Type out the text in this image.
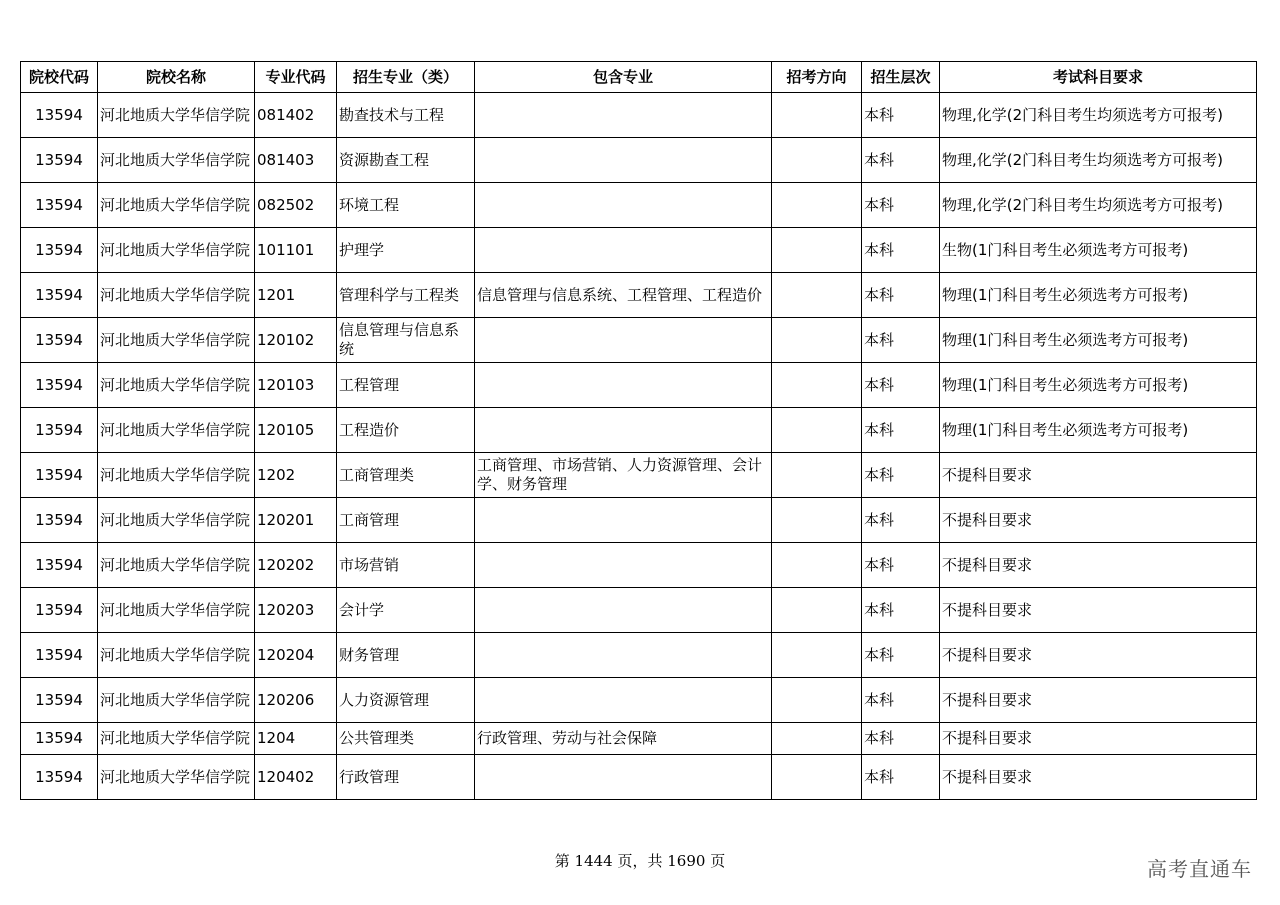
院校代码	院校名称	专业代码	招生专业（类）	包含专业	招考方向	招生层次	考试科目要求
13594	河北地质大学华信学院	081402	勘查技术与工程			本科	物理,化学(2门科目考生均须选考方可报考)
13594	河北地质大学华信学院	081403	资源勘查工程			本科	物理,化学(2门科目考生均须选考方可报考)
13594	河北地质大学华信学院	082502	环境工程			本科	物理,化学(2门科目考生均须选考方可报考)
13594	河北地质大学华信学院	101101	护理学			本科	生物(1门科目考生必须选考方可报考)
13594	河北地质大学华信学院	1201	管理科学与工程类	信息管理与信息系统、工程管理、工程造价		本科	物理(1门科目考生必须选考方可报考)
13594	河北地质大学华信学院	120102	信息管理与信息系统			本科	物理(1门科目考生必须选考方可报考)
13594	河北地质大学华信学院	120103	工程管理			本科	物理(1门科目考生必须选考方可报考)
13594	河北地质大学华信学院	120105	工程造价			本科	物理(1门科目考生必须选考方可报考)
13594	河北地质大学华信学院	1202	工商管理类	工商管理、市场营销、人力资源管理、会计学、财务管理		本科	不提科目要求
13594	河北地质大学华信学院	120201	工商管理			本科	不提科目要求
13594	河北地质大学华信学院	120202	市场营销			本科	不提科目要求
13594	河北地质大学华信学院	120203	会计学			本科	不提科目要求
13594	河北地质大学华信学院	120204	财务管理			本科	不提科目要求
13594	河北地质大学华信学院	120206	人力资源管理			本科	不提科目要求
13594	河北地质大学华信学院	1204	公共管理类	行政管理、劳动与社会保障		本科	不提科目要求
13594	河北地质大学华信学院	120402	行政管理			本科	不提科目要求
第 1444 页，共 1690 页	高考直通车
